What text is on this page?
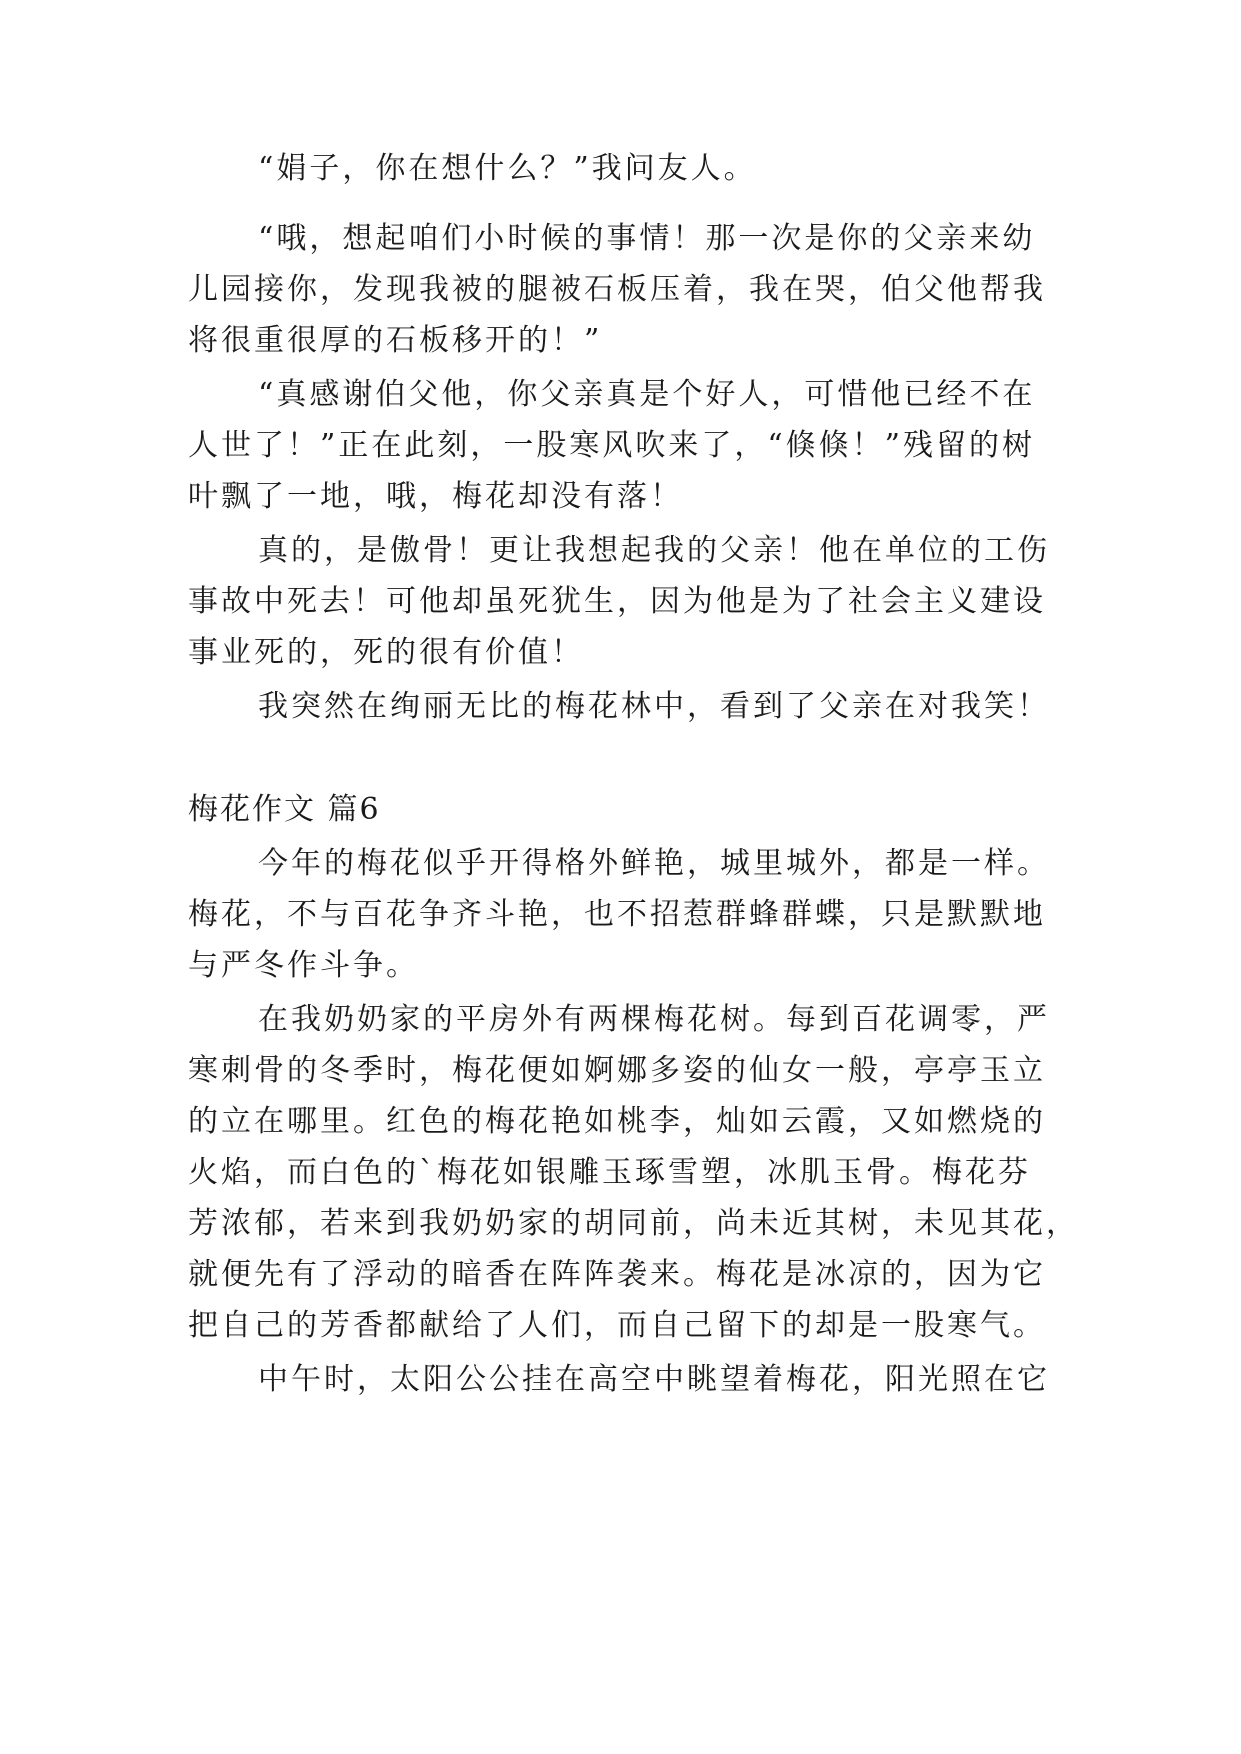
“娟子，你在想什么？”我问友人。
“哦，想起咱们小时候的事情！那一次是你的父亲来幼
儿园接你，发现我被的腿被石板压着，我在哭，伯父他帮我
将很重很厚的石板移开的！”
“真感谢伯父他，你父亲真是个好人，可惜他已经不在
人世了！”正在此刻，一股寒风吹来了，“倏倏！”残留的树
叶飘了一地，哦，梅花却没有落！
真的，是傲骨！更让我想起我的父亲！他在单位的工伤
事故中死去！可他却虽死犹生，因为他是为了社会主义建设
事业死的，死的很有价值！
我突然在绚丽无比的梅花林中，看到了父亲在对我笑！
梅花作文 篇6
今年的梅花似乎开得格外鲜艳，城里城外，都是一样。
梅花，不与百花争齐斗艳，也不招惹群蜂群蝶，只是默默地
与严冬作斗争。
在我奶奶家的平房外有两棵梅花树。每到百花调零，严
寒刺骨的冬季时，梅花便如婀娜多姿的仙女一般，亭亭玉立
的立在哪里。红色的梅花艳如桃李，灿如云霞，又如燃烧的
火焰，而白色的`梅花如银雕玉琢雪塑，冰肌玉骨。梅花芬
芳浓郁，若来到我奶奶家的胡同前，尚未近其树，未见其花，
就便先有了浮动的暗香在阵阵袭来。梅花是冰凉的，因为它
把自己的芳香都献给了人们，而自己留下的却是一股寒气。
中午时，太阳公公挂在高空中眺望着梅花，阳光照在它
